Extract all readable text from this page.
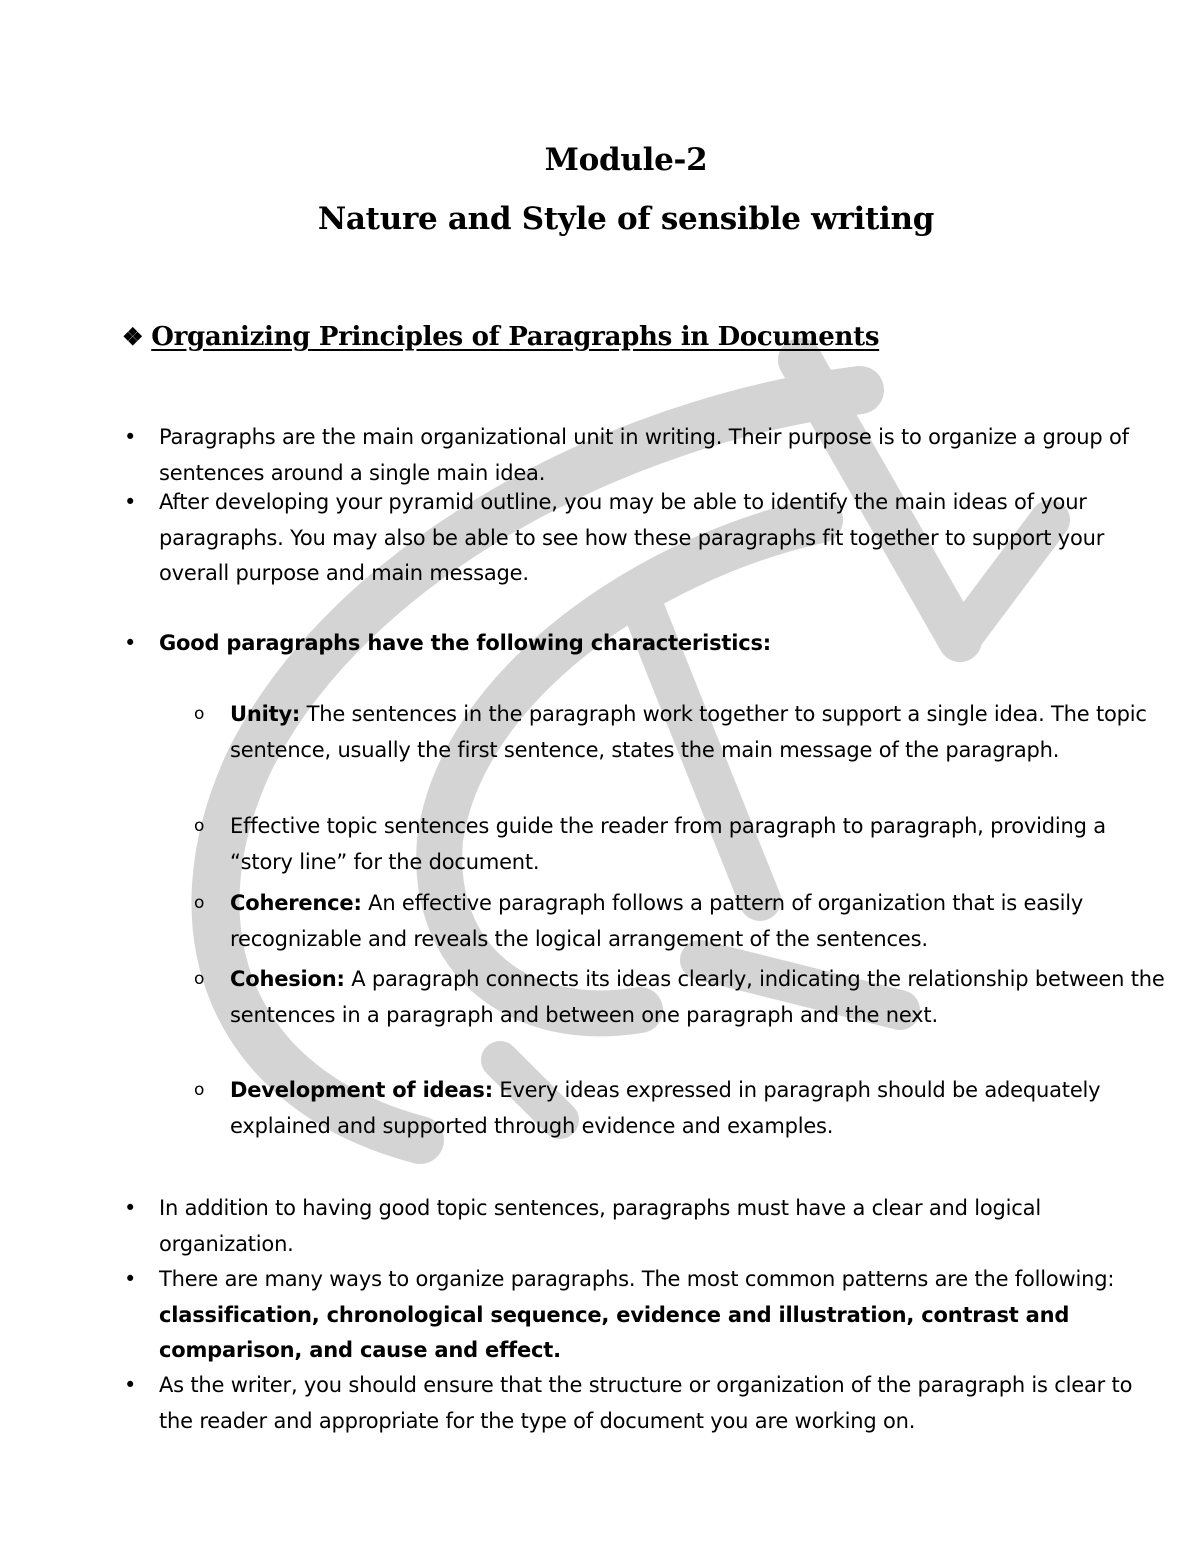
Module-2
Nature and Style of sensible writing
❖ Organizing Principles of Paragraphs in Documents

• Paragraphs are the main organizational unit in writing. Their purpose is to organize a group of sentences around a single main idea.

• After developing your pyramid outline, you may be able to identify the main ideas of your paragraphs. You may also be able to see how these paragraphs fit together to support your overall purpose and main message.

• Good paragraphs have the following characteristics:

o Unity: The sentences in the paragraph work together to support a single idea. The topic sentence, usually the first sentence, states the main message of the paragraph.

o Effective topic sentences guide the reader from paragraph to paragraph, providing a “story line” for the document.

o Coherence: An effective paragraph follows a pattern of organization that is easily recognizable and reveals the logical arrangement of the sentences.

o Cohesion: A paragraph connects its ideas clearly, indicating the relationship between the sentences in a paragraph and between one paragraph and the next.

o Development of ideas: Every ideas expressed in paragraph should be adequately explained and supported through evidence and examples.

• In addition to having good topic sentences, paragraphs must have a clear and logical organization.

• There are many ways to organize paragraphs. The most common patterns are the following: classification, chronological sequence, evidence and illustration, contrast and comparison, and cause and effect.

• As the writer, you should ensure that the structure or organization of the paragraph is clear to the reader and appropriate for the type of document you are working on.
